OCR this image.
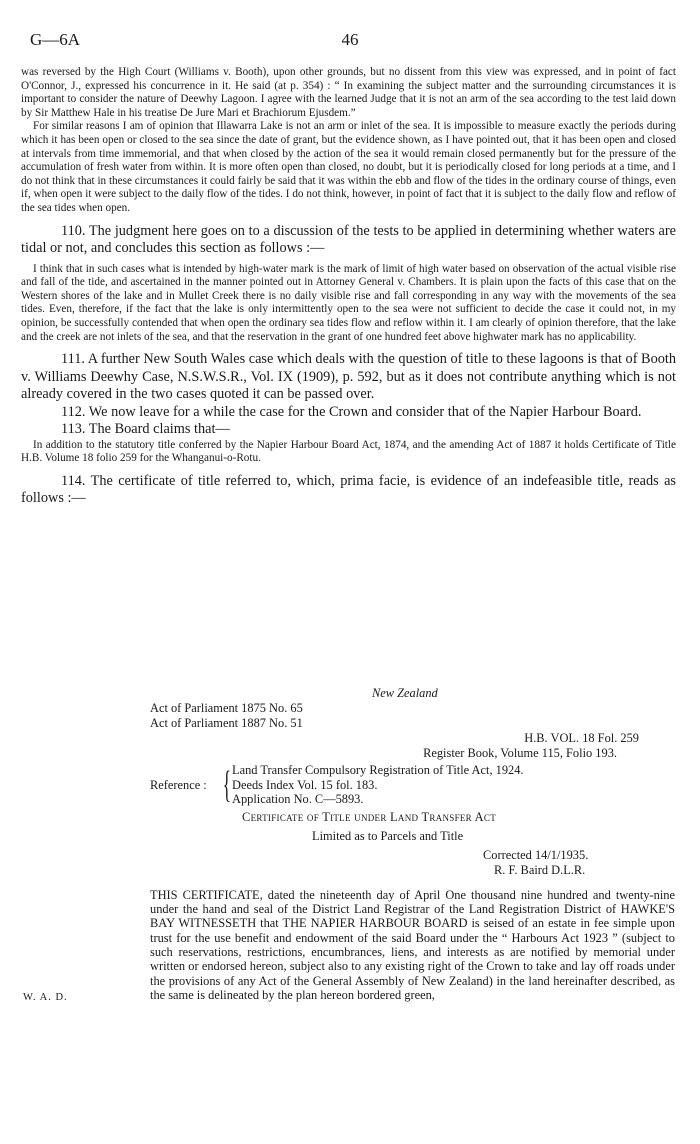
G—6A	46

was reversed by the High Court (Williams v. Booth), upon other grounds, but no dissent from this view was expressed, and in point of fact O'Connor, J., expressed his concurrence in it. He said (at p. 354) : “ In examining the subject matter and the surrounding circumstances it is important to consider the nature of Deewhy Lagoon. I agree with the learned Judge that it is not an arm of the sea according to the test laid down by Sir Matthew Hale in his treatise De Jure Mari et Brachiorum Ejusdem.”

For similar reasons I am of opinion that Illawarra Lake is not an arm or inlet of the sea. It is impossible to measure exactly the periods during which it has been open or closed to the sea since the date of grant, but the evidence shown, as I have pointed out, that it has been open and closed at intervals from time immemorial, and that when closed by the action of the sea it would remain closed permanently but for the pressure of the accumulation of fresh water from within. It is more often open than closed, no doubt, but it is periodically closed for long periods at a time, and I do not think that in these circumstances it could fairly be said that it was within the ebb and flow of the tides in the ordinary course of things, even if, when open it were subject to the daily flow of the tides. I do not think, however, in point of fact that it is subject to the daily flow and reflow of the sea tides when open.

110. The judgment here goes on to a discussion of the tests to be applied in determining whether waters are tidal or not, and concludes this section as follows :—

I think that in such cases what is intended by high-water mark is the mark of limit of high water based on observation of the actual visible rise and fall of the tide, and ascertained in the manner pointed out in Attorney General v. Chambers. It is plain upon the facts of this case that on the Western shores of the lake and in Mullet Creek there is no daily visible rise and fall corresponding in any way with the movements of the sea tides. Even, therefore, if the fact that the lake is only intermittently open to the sea were not sufficient to decide the case it could not, in my opinion, be successfully contended that when open the ordinary sea tides flow and reflow within it. I am clearly of opinion therefore, that the lake and the creek are not inlets of the sea, and that the reservation in the grant of one hundred feet above highwater mark has no applicability.

111. A further New South Wales case which deals with the question of title to these lagoons is that of Booth v. Williams Deewhy Case, N.S.W.S.R., Vol. IX (1909), p. 592, but as it does not contribute anything which is not already covered in the two cases quoted it can be passed over.

112. We now leave for a while the case for the Crown and consider that of the Napier Harbour Board.

113. The Board claims that—

In addition to the statutory title conferred by the Napier Harbour Board Act, 1874, and the amending Act of 1887 it holds Certificate of Title H.B. Volume 18 folio 259 for the Whanganui-o-Rotu.

114. The certificate of title referred to, which, prima facie, is evidence of an indefeasible title, reads as follows :—

New Zealand
Act of Parliament 1875 No. 65
Act of Parliament 1887 No. 51
H.B. VOL. 18 Fol. 259
Register Book, Volume 115, Folio 193.
Reference : { Land Transfer Compulsory Registration of Title Act, 1924.
Deeds Index Vol. 15 fol. 183.
Application No. C—5893.
Certificate of Title under Land Transfer Act
Limited as to Parcels and Title
Corrected 14/1/1935.
R. F. Baird D.L.R.
THIS CERTIFICATE, dated the nineteenth day of April One thousand nine hundred and twenty-nine under the hand and seal of the District Land Registrar of the Land Registration District of HAWKE'S BAY WITNESSETH that THE NAPIER HARBOUR BOARD is seised of an estate in fee simple upon trust for the use benefit and endowment of the said Board under the “ Harbours Act 1923 ” (subject to such reservations, restrictions, encumbrances, liens, and interests as are notified by memorial under written or endorsed hereon, subject also to any existing right of the Crown to take and lay off roads under the provisions of any Act of the General Assembly of New Zealand) in the land hereinafter described, as the same is delineated by the plan hereon bordered green,
W. A. D.
